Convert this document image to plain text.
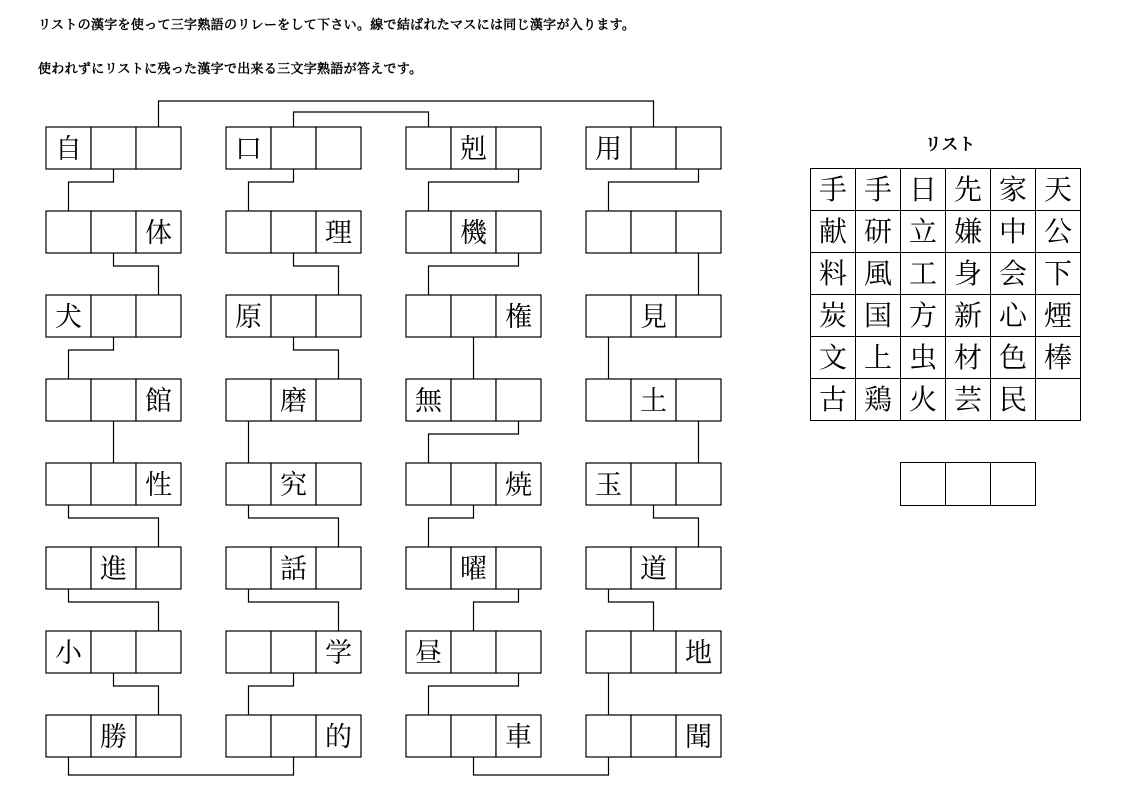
リストの漢字を使って三字熟語のリレーをして下さい。線で結ばれたマスには同じ漢字が入ります。
使われずにリストに残った漢字で出来る三文字熟語が答えです。
自
体
犬
館
性
進
小
勝
口
理
原
磨
究
話
学
的
剋
機
権
無
焼
曜
昼
車
用
見
土
玉
道
地
聞
リスト
手 手 日 先 家 天
献 研 立 嫌 中 公
料 風 工 身 会 下
炭 国 方 新 心 煙
文 上 虫 材 色 棒
古 鶏 火 芸 民
